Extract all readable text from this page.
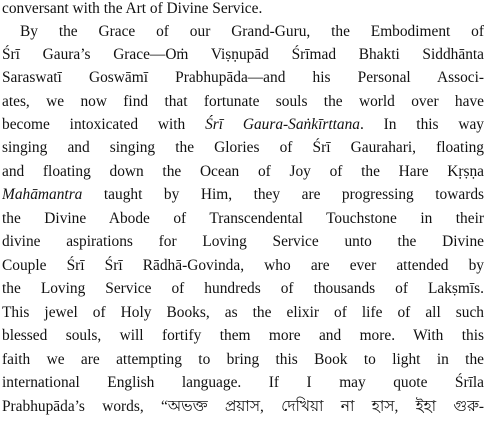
conversant with the Art of Divine Service.
By the Grace of our Grand-Guru, the Embodiment of
Śrī Gaura’s Grace—Oṁ Viṣṇupād Śrīmad Bhakti Siddhānta
Saraswatī Goswāmī Prabhupāda—and his Personal Associ-
ates, we now find that fortunate souls the world over have
become intoxicated with Śrī Gaura-Saṅkīrttana. In this way
singing and singing the Glories of Śrī Gaurahari, floating
and floating down the Ocean of Joy of the Hare Kṛṣṇa
Mahāmantra taught by Him, they are progressing towards
the Divine Abode of Transcendental Touchstone in their
divine aspirations for Loving Service unto the Divine
Couple Śrī Śrī Rādhā-Govinda, who are ever attended by
the Loving Service of hundreds of thousands of Lakṣmīs.
This jewel of Holy Books, as the elixir of life of all such
blessed souls, will fortify them more and more. With this
faith we are attempting to bring this Book to light in the
international English language. If I may quote Śrīla
Prabhupāda’s words, “অভক্ত প্রয়াস, দেখিয়া না হাস, ইহা গুরু-
